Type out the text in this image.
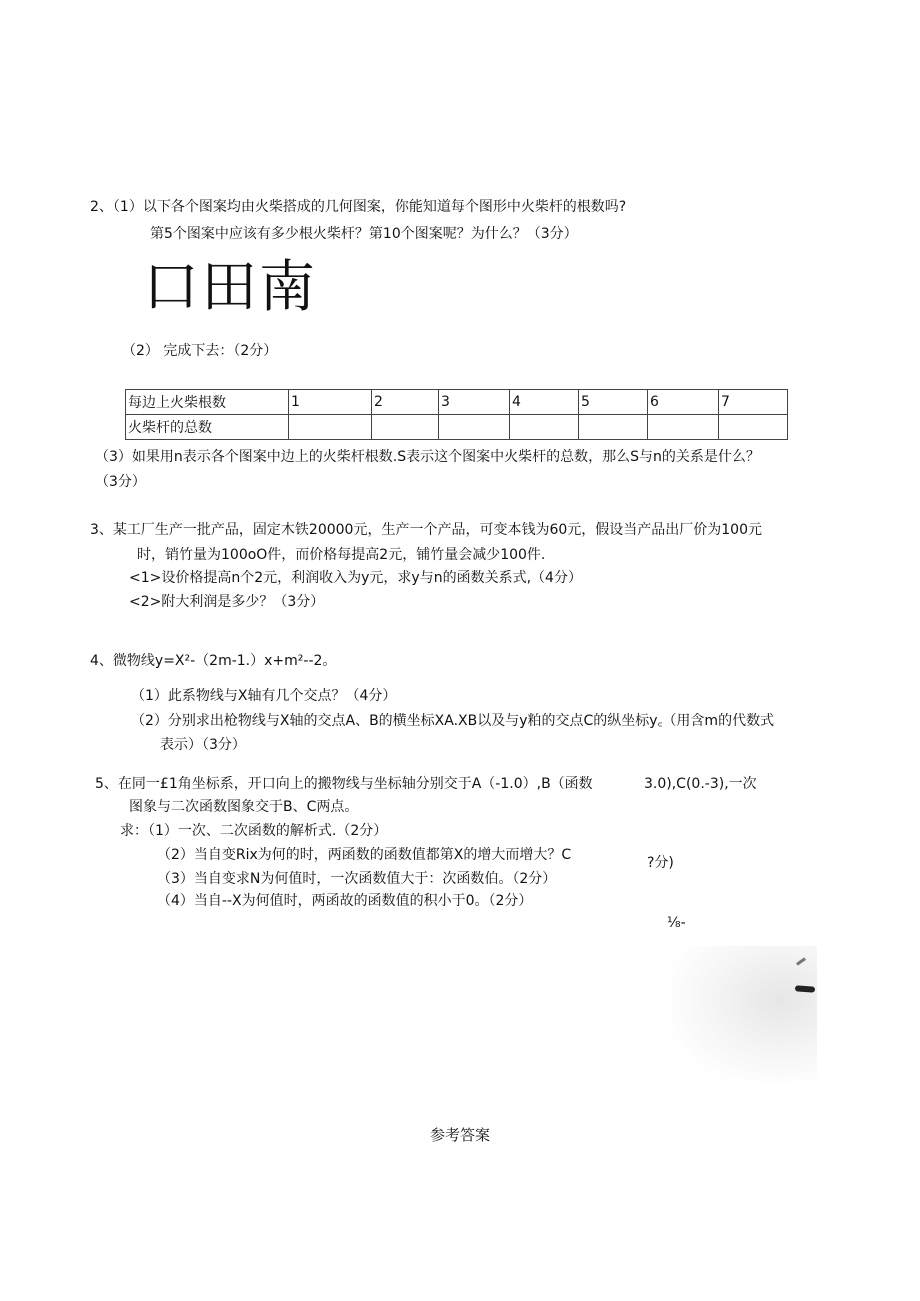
2、（1）以下各个图案均由火柴搭成的几何图案，你能知道每个图形中火柴杆的根数吗?
第5个图案中应该有多少根火柴杆？第10个图案呢？为什么？（3分）
口田南
（2） 完成下去：（2分）
每边上火柴根数	1	2	3	4	5	6	7
火柴杆的总数							
（3）如果用n表示各个图案中边上的火柴杆根数.S表示这个图案中火柴杆的总数，那么S与n的关系是什么？
（3分）
3、某工厂生产一批产品，固定木铁20000元，生产一个产品，可变本钱为60元，假设当产品出厂价为100元
时，销竹量为100oO件，而价格每提高2元，铺竹量会减少100件.
<1>设价格提高n个2元，利润收入为y元，求y与n的函数关系式,（4分）
<2>附大利润是多少？（3分）
4、微物线y=X²-（2m-1.）x+m²--2。
（1）此系物线与X轴有几个交点？（4分）
（2）分别求出枪物线与X轴的交点A、B的横坐标XA.XB以及与y粕的交点C的纵坐标y꜀（用含m的代数式
表示）（3分）
5、在同一£1角坐标系，开口向上的搬物线与坐标轴分别交于A（-1.0）,B（函数	3.0),C(0.-3),一次
图象与二次函数图象交于B、C两点。
求：（1）一次、二次函数的解析式.（2分）
（2）当自变Rix为何的时，两函数的函数值都第X的增大而增大？C	?分)
（3）当自变求N为何值时，一次函数值大于：次函数伯。（2分）
（4）当自--X为何值时，两函故的函数值的积小于0。（2分）
⅛-
参考答案
